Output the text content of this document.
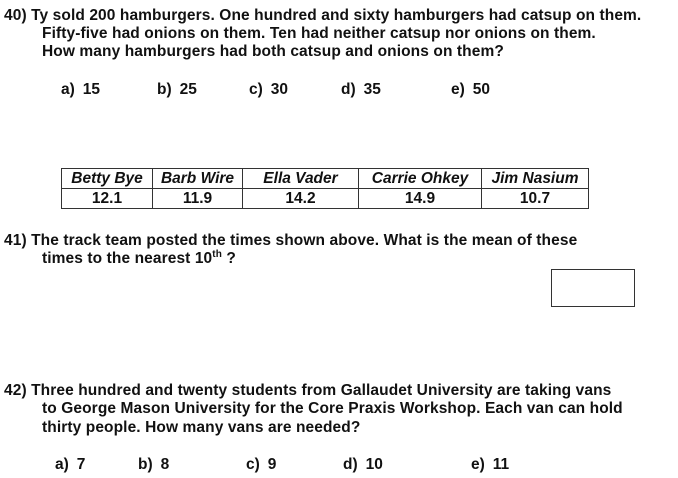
40) Ty sold 200 hamburgers. One hundred and sixty hamburgers had catsup on them.
Fifty-five had onions on them. Ten had neither catsup nor onions on them.
How many hamburgers had both catsup and onions on them?
a) 15	b) 25	c) 30	d) 35	e) 50
Betty Bye	Barb Wire	Ella Vader	Carrie Ohkey	Jim Nasium
12.1	11.9	14.2	14.9	10.7
41) The track team posted the times shown above. What is the mean of these
times to the nearest 10th ?
42) Three hundred and twenty students from Gallaudet University are taking vans
to George Mason University for the Core Praxis Workshop. Each van can hold
thirty people. How many vans are needed?
a) 7	b) 8	c) 9	d) 10	e) 11
